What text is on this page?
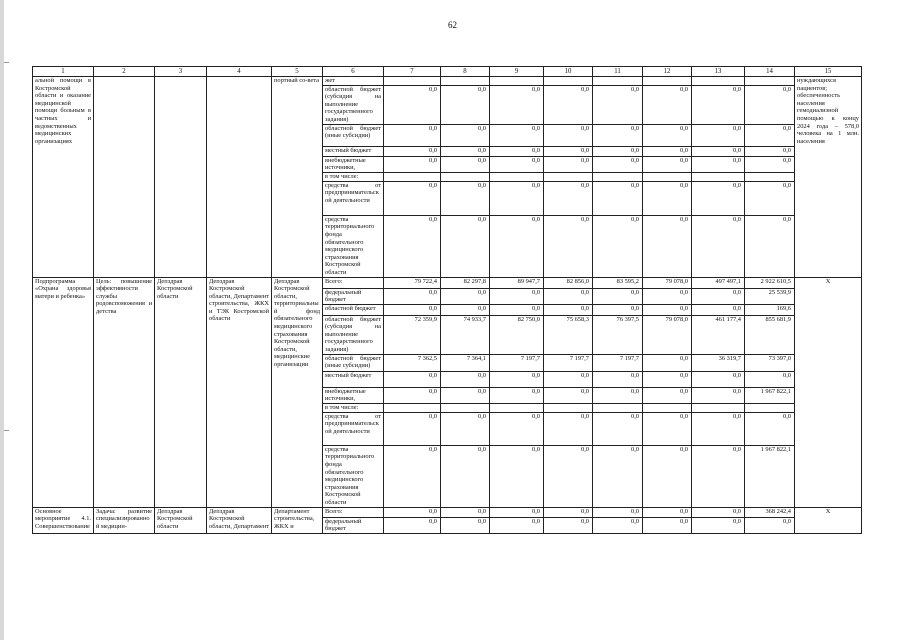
62
1	2	3	4	5	6	7	8	9	10	11	12	13	14	15
альной помощи в Костромской области и оказание медицинской помощи больным в частных и ведомственных медицинских организациях				портный со-вета	жет									нуждающихся пациентов; обеспеченность населения гемодиализной помощью к концу 2024 года – 578,0 человека на 1 млн. населения
					областной бюджет (субсидия на выполнение государственного задания)	0,0	0,0	0,0	0,0	0,0	0,0	0,0	0,0	
					областной бюджет (иные субсидии)	0,0	0,0	0,0	0,0	0,0	0,0	0,0	0,0	
					местный бюджет	0,0	0,0	0,0	0,0	0,0	0,0	0,0	0,0	
					внебюджетные источники,	0,0	0,0	0,0	0,0	0,0	0,0	0,0	0,0	
					в том числе:									
					средства от предпринимательской деятельности	0,0	0,0	0,0	0,0	0,0	0,0	0,0	0,0	
					средства территориального фонда обязательного медицинского страхования Костромской области	0,0	0,0	0,0	0,0	0,0	0,0	0,0	0,0	
Подпрограмма «Охрана здоровья матери и ребенка»	Цель: повышение эффективности службы родовспоможения и детства	Депздрав Костромской области	Депздрав Костромской области, Департамент строительства, ЖКХ и ТЭК Костромской области	Депздрав Костромской области, территориальный фонд обязательного медицинского страхования Костромской области, медицинские организации	Всего:	79 722,4	82 297,8	89 947,7	82 856,0	83 595,2	79 078,0	497 497,1	2 922 610,5	Х
					федеральный бюджет	0,0	0,0	0,0	0,0	0,0	0,0	0,0	25 539,9	
					областной бюджет	0,0	0,0	0,0	0,0	0,0	0,0	0,0	169,6	
					областной бюджет (субсидия на выполнение государственного задания)	72 359,9	74 933,7	82 750,0	75 658,3	76 397,5	79 078,0	461 177,4	855 681,9	
					областной бюджет (иные субсидии)	7 362,5	7 364,1	7 197,7	7 197,7	7 197,7	0,0	36 319,7	73 397,0	
					местный бюджет	0,0	0,0	0,0	0,0	0,0	0,0	0,0	0,0	
					внебюджетные источники,	0,0	0,0	0,0	0,0	0,0	0,0	0,0	1 967 822,1	
					в том числе:									
					средства от предпринимательской деятельности	0,0	0,0	0,0	0,0	0,0	0,0	0,0	0,0	
					средства территориального фонда обязательного медицинского страхования Костромской области	0,0	0,0	0,0	0,0	0,0	0,0	0,0	1 967 822,1	
Основное мероприятие 4.1. Совершенствование	Задача: развитие специализированной медицин-	Депздрав Костромской области	Депздрав Костромской области, Департамент	Департамент строительства, ЖКХ и	Всего:	0,0	0,0	0,0	0,0	0,0	0,0	0,0	368 242,4	Х
					федеральный бюджет	0,0	0,0	0,0	0,0	0,0	0,0	0,0	0,0	
